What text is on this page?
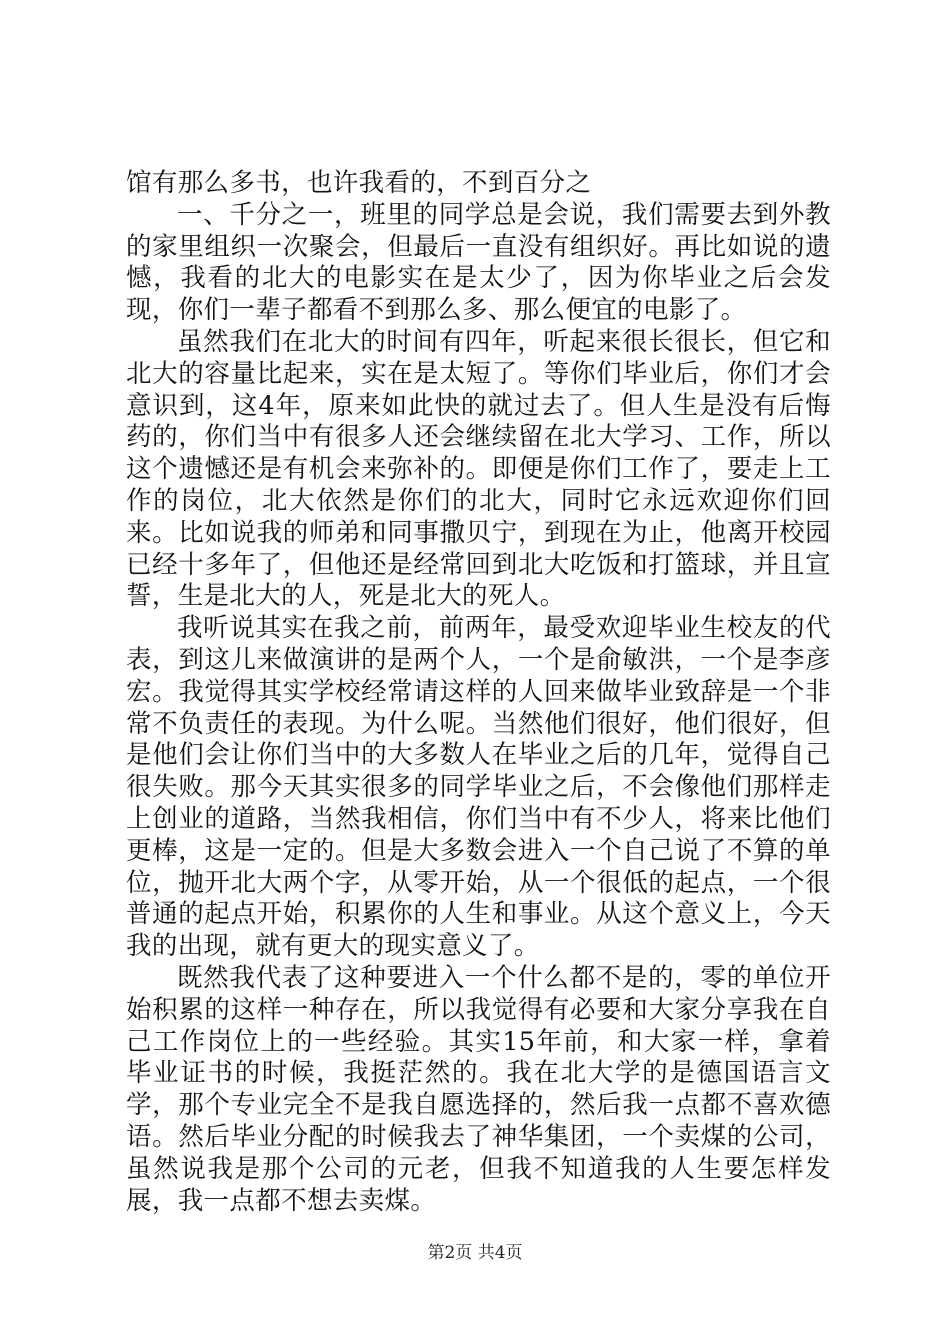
馆有那么多书，也许我看的，不到百分之

一、千分之一，班里的同学总是会说，我们需要去到外教的家里组织一次聚会，但最后一直没有组织好。再比如说的遗憾，我看的北大的电影实在是太少了，因为你毕业之后会发现，你们一辈子都看不到那么多、那么便宜的电影了。

虽然我们在北大的时间有四年，听起来很长很长，但它和北大的容量比起来，实在是太短了。等你们毕业后，你们才会意识到，这4年，原来如此快的就过去了。但人生是没有后悔药的，你们当中有很多人还会继续留在北大学习、工作，所以这个遗憾还是有机会来弥补的。即便是你们工作了，要走上工作的岗位，北大依然是你们的北大，同时它永远欢迎你们回来。比如说我的师弟和同事撒贝宁，到现在为止，他离开校园已经十多年了，但他还是经常回到北大吃饭和打篮球，并且宣誓，生是北大的人，死是北大的死人。

我听说其实在我之前，前两年，最受欢迎毕业生校友的代表，到这儿来做演讲的是两个人，一个是俞敏洪，一个是李彦宏。我觉得其实学校经常请这样的人回来做毕业致辞是一个非常不负责任的表现。为什么呢。当然他们很好，他们很好，但是他们会让你们当中的大多数人在毕业之后的几年，觉得自己很失败。那今天其实很多的同学毕业之后，不会像他们那样走上创业的道路，当然我相信，你们当中有不少人，将来比他们更棒，这是一定的。但是大多数会进入一个自己说了不算的单位，抛开北大两个字，从零开始，从一个很低的起点，一个很普通的起点开始，积累你的人生和事业。从这个意义上，今天我的出现，就有更大的现实意义了。

既然我代表了这种要进入一个什么都不是的，零的单位开始积累的这样一种存在，所以我觉得有必要和大家分享我在自己工作岗位上的一些经验。其实15年前，和大家一样，拿着毕业证书的时候，我挺茫然的。我在北大学的是德国语言文学，那个专业完全不是我自愿选择的，然后我一点都不喜欢德语。然后毕业分配的时候我去了神华集团，一个卖煤的公司，虽然说我是那个公司的元老，但我不知道我的人生要怎样发展，我一点都不想去卖煤。

第2页 共4页
